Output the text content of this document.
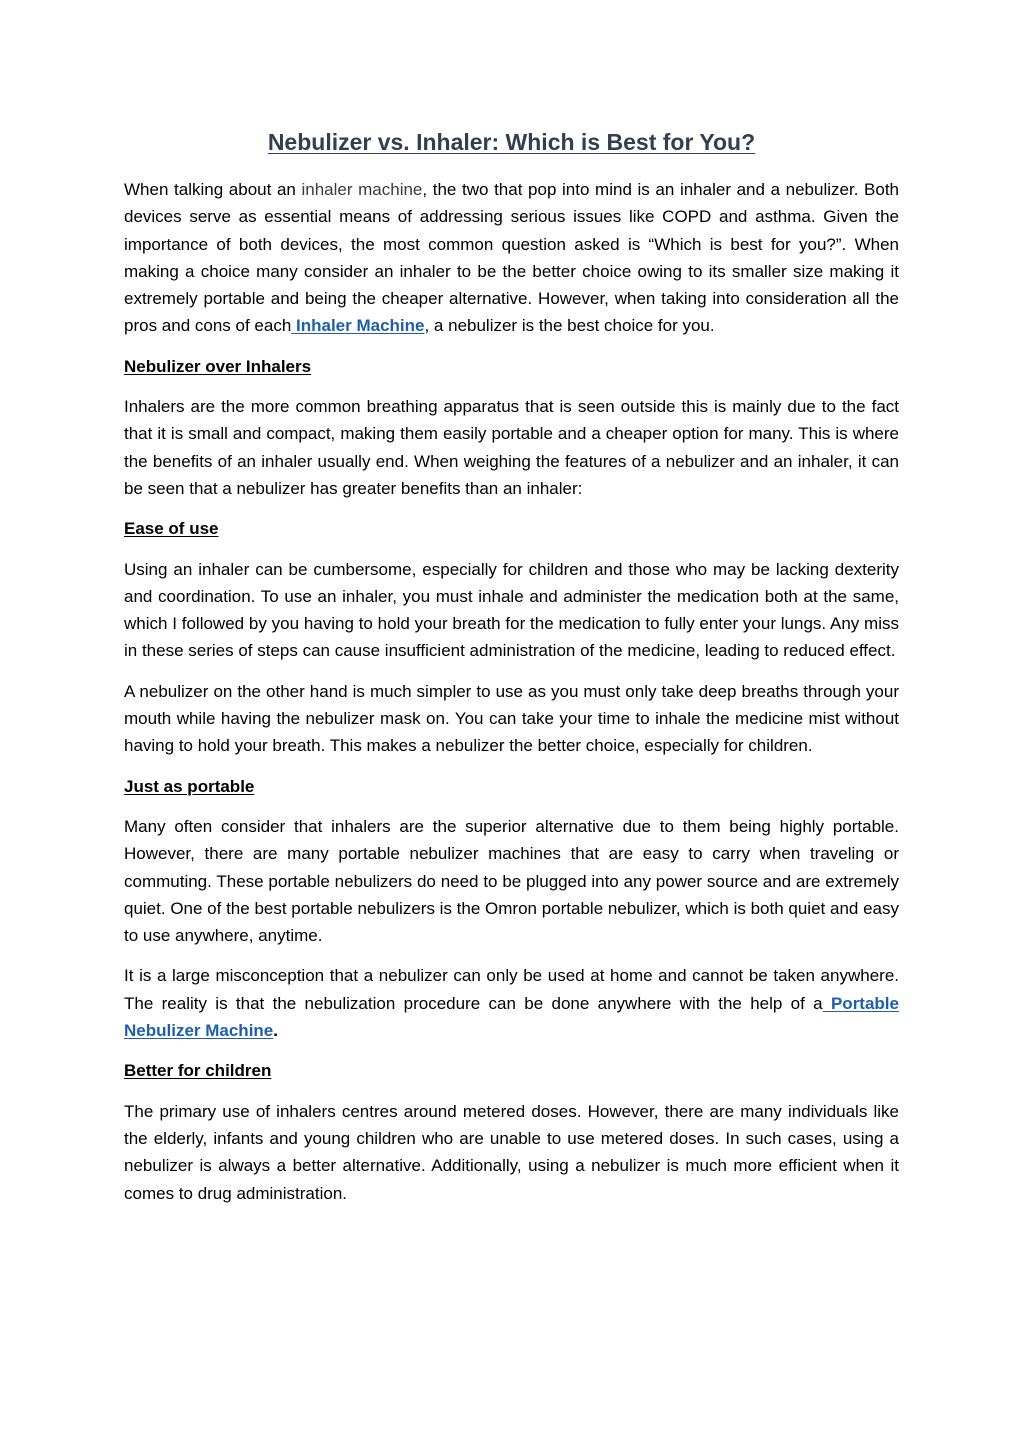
Nebulizer vs. Inhaler: Which is Best for You?

When talking about an inhaler machine, the two that pop into mind is an inhaler and a nebulizer. Both devices serve as essential means of addressing serious issues like COPD and asthma. Given the importance of both devices, the most common question asked is “Which is best for you?”. When making a choice many consider an inhaler to be the better choice owing to its smaller size making it extremely portable and being the cheaper alternative. However, when taking into consideration all the pros and cons of each Inhaler Machine, a nebulizer is the best choice for you.

Nebulizer over Inhalers

Inhalers are the more common breathing apparatus that is seen outside this is mainly due to the fact that it is small and compact, making them easily portable and a cheaper option for many. This is where the benefits of an inhaler usually end. When weighing the features of a nebulizer and an inhaler, it can be seen that a nebulizer has greater benefits than an inhaler:

Ease of use

Using an inhaler can be cumbersome, especially for children and those who may be lacking dexterity and coordination. To use an inhaler, you must inhale and administer the medication both at the same, which I followed by you having to hold your breath for the medication to fully enter your lungs. Any miss in these series of steps can cause insufficient administration of the medicine, leading to reduced effect.

A nebulizer on the other hand is much simpler to use as you must only take deep breaths through your mouth while having the nebulizer mask on. You can take your time to inhale the medicine mist without having to hold your breath. This makes a nebulizer the better choice, especially for children.

Just as portable

Many often consider that inhalers are the superior alternative due to them being highly portable. However, there are many portable nebulizer machines that are easy to carry when traveling or commuting. These portable nebulizers do need to be plugged into any power source and are extremely quiet. One of the best portable nebulizers is the Omron portable nebulizer, which is both quiet and easy to use anywhere, anytime.

It is a large misconception that a nebulizer can only be used at home and cannot be taken anywhere. The reality is that the nebulization procedure can be done anywhere with the help of a Portable Nebulizer Machine.

Better for children

The primary use of inhalers centres around metered doses. However, there are many individuals like the elderly, infants and young children who are unable to use metered doses. In such cases, using a nebulizer is always a better alternative. Additionally, using a nebulizer is much more efficient when it comes to drug administration.
